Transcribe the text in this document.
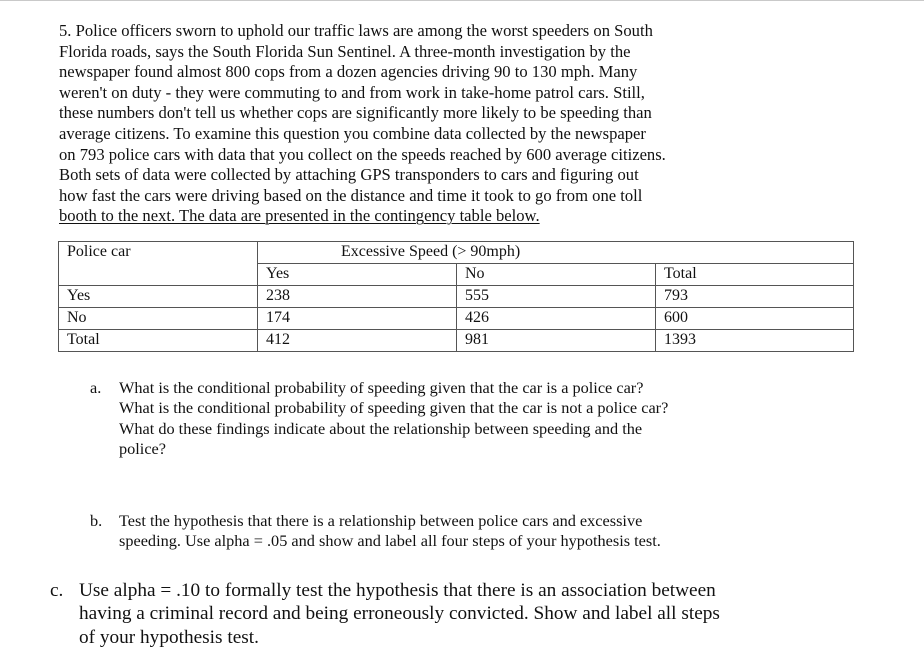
5. Police officers sworn to uphold our traffic laws are among the worst speeders on South
Florida roads, says the South Florida Sun Sentinel. A three-month investigation by the
newspaper found almost 800 cops from a dozen agencies driving 90 to 130 mph. Many
weren't on duty - they were commuting to and from work in take-home patrol cars. Still,
these numbers don't tell us whether cops are significantly more likely to be speeding than
average citizens. To examine this question you combine data collected by the newspaper
on 793 police cars with data that you collect on the speeds reached by 600 average citizens.
Both sets of data were collected by attaching GPS transponders to cars and figuring out
how fast the cars were driving based on the distance and time it took to go from one toll
booth to the next. The data are presented in the contingency table below.
Police car	Excessive Speed (> 90mph)		
	Yes	No	Total
Yes	238	555	793
No	174	426	600
Total	412	981	1393
a. What is the conditional probability of speeding given that the car is a police car?
What is the conditional probability of speeding given that the car is not a police car?
What do these findings indicate about the relationship between speeding and the
police?
b. Test the hypothesis that there is a relationship between police cars and excessive
speeding. Use alpha = .05 and show and label all four steps of your hypothesis test.
c. Use alpha = .10 to formally test the hypothesis that there is an association between
having a criminal record and being erroneously convicted. Show and label all steps
of your hypothesis test.
